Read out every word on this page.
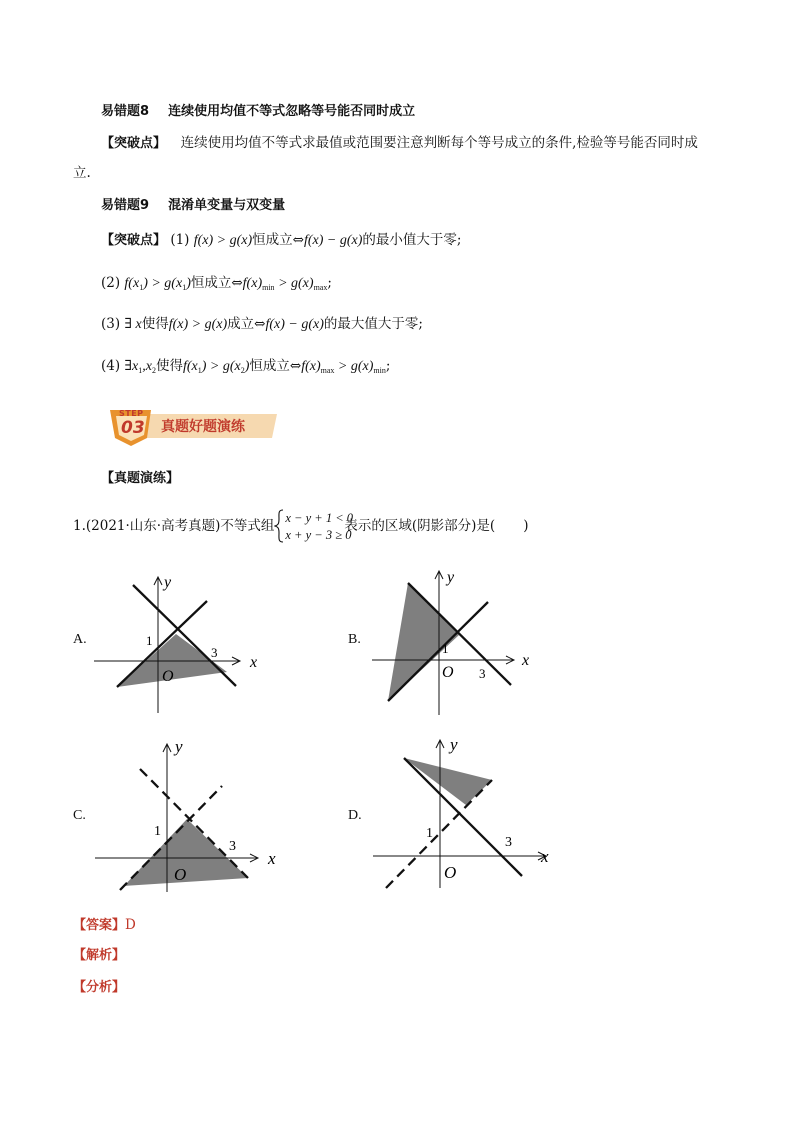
易错题8 连续使用均值不等式忽略等号能否同时成立
【突破点】 连续使用均值不等式求最值或范围要注意判断每个等号成立的条件,检验等号能否同时成
立.
易错题9 混淆单变量与双变量
【突破点】 (1) f(x) > g(x)恒成立⇔f(x) − g(x)的最小值大于零;
(2) $f(x_1) > g(x_1)$恒成立$\Leftrightarrow f(x)_{min} > g(x)_{max}$;
(3) ∃ x使得f(x) > g(x)成立⇔f(x) − g(x)的最大值大于零;
(4) $\exists x_1,x_2$使得$f(x_1) > g(x_2)$恒成立$\Leftrightarrow f(x)_{max} > g(x)_{min}$;
STEP
03 真题好题演练
【真题演练】
1. (2021·山东·高考真题) 不等式组 x − y + 1 < 0
x + y − 3 ≥ 0
表示的区域(阴影部分)是( )
A.
y
x
O
1
3
B.
y
x
O
1
3
C.
y
x
O
1
3
D.
y
x
O
1
3
【答案】D
【解析】
【分析】
